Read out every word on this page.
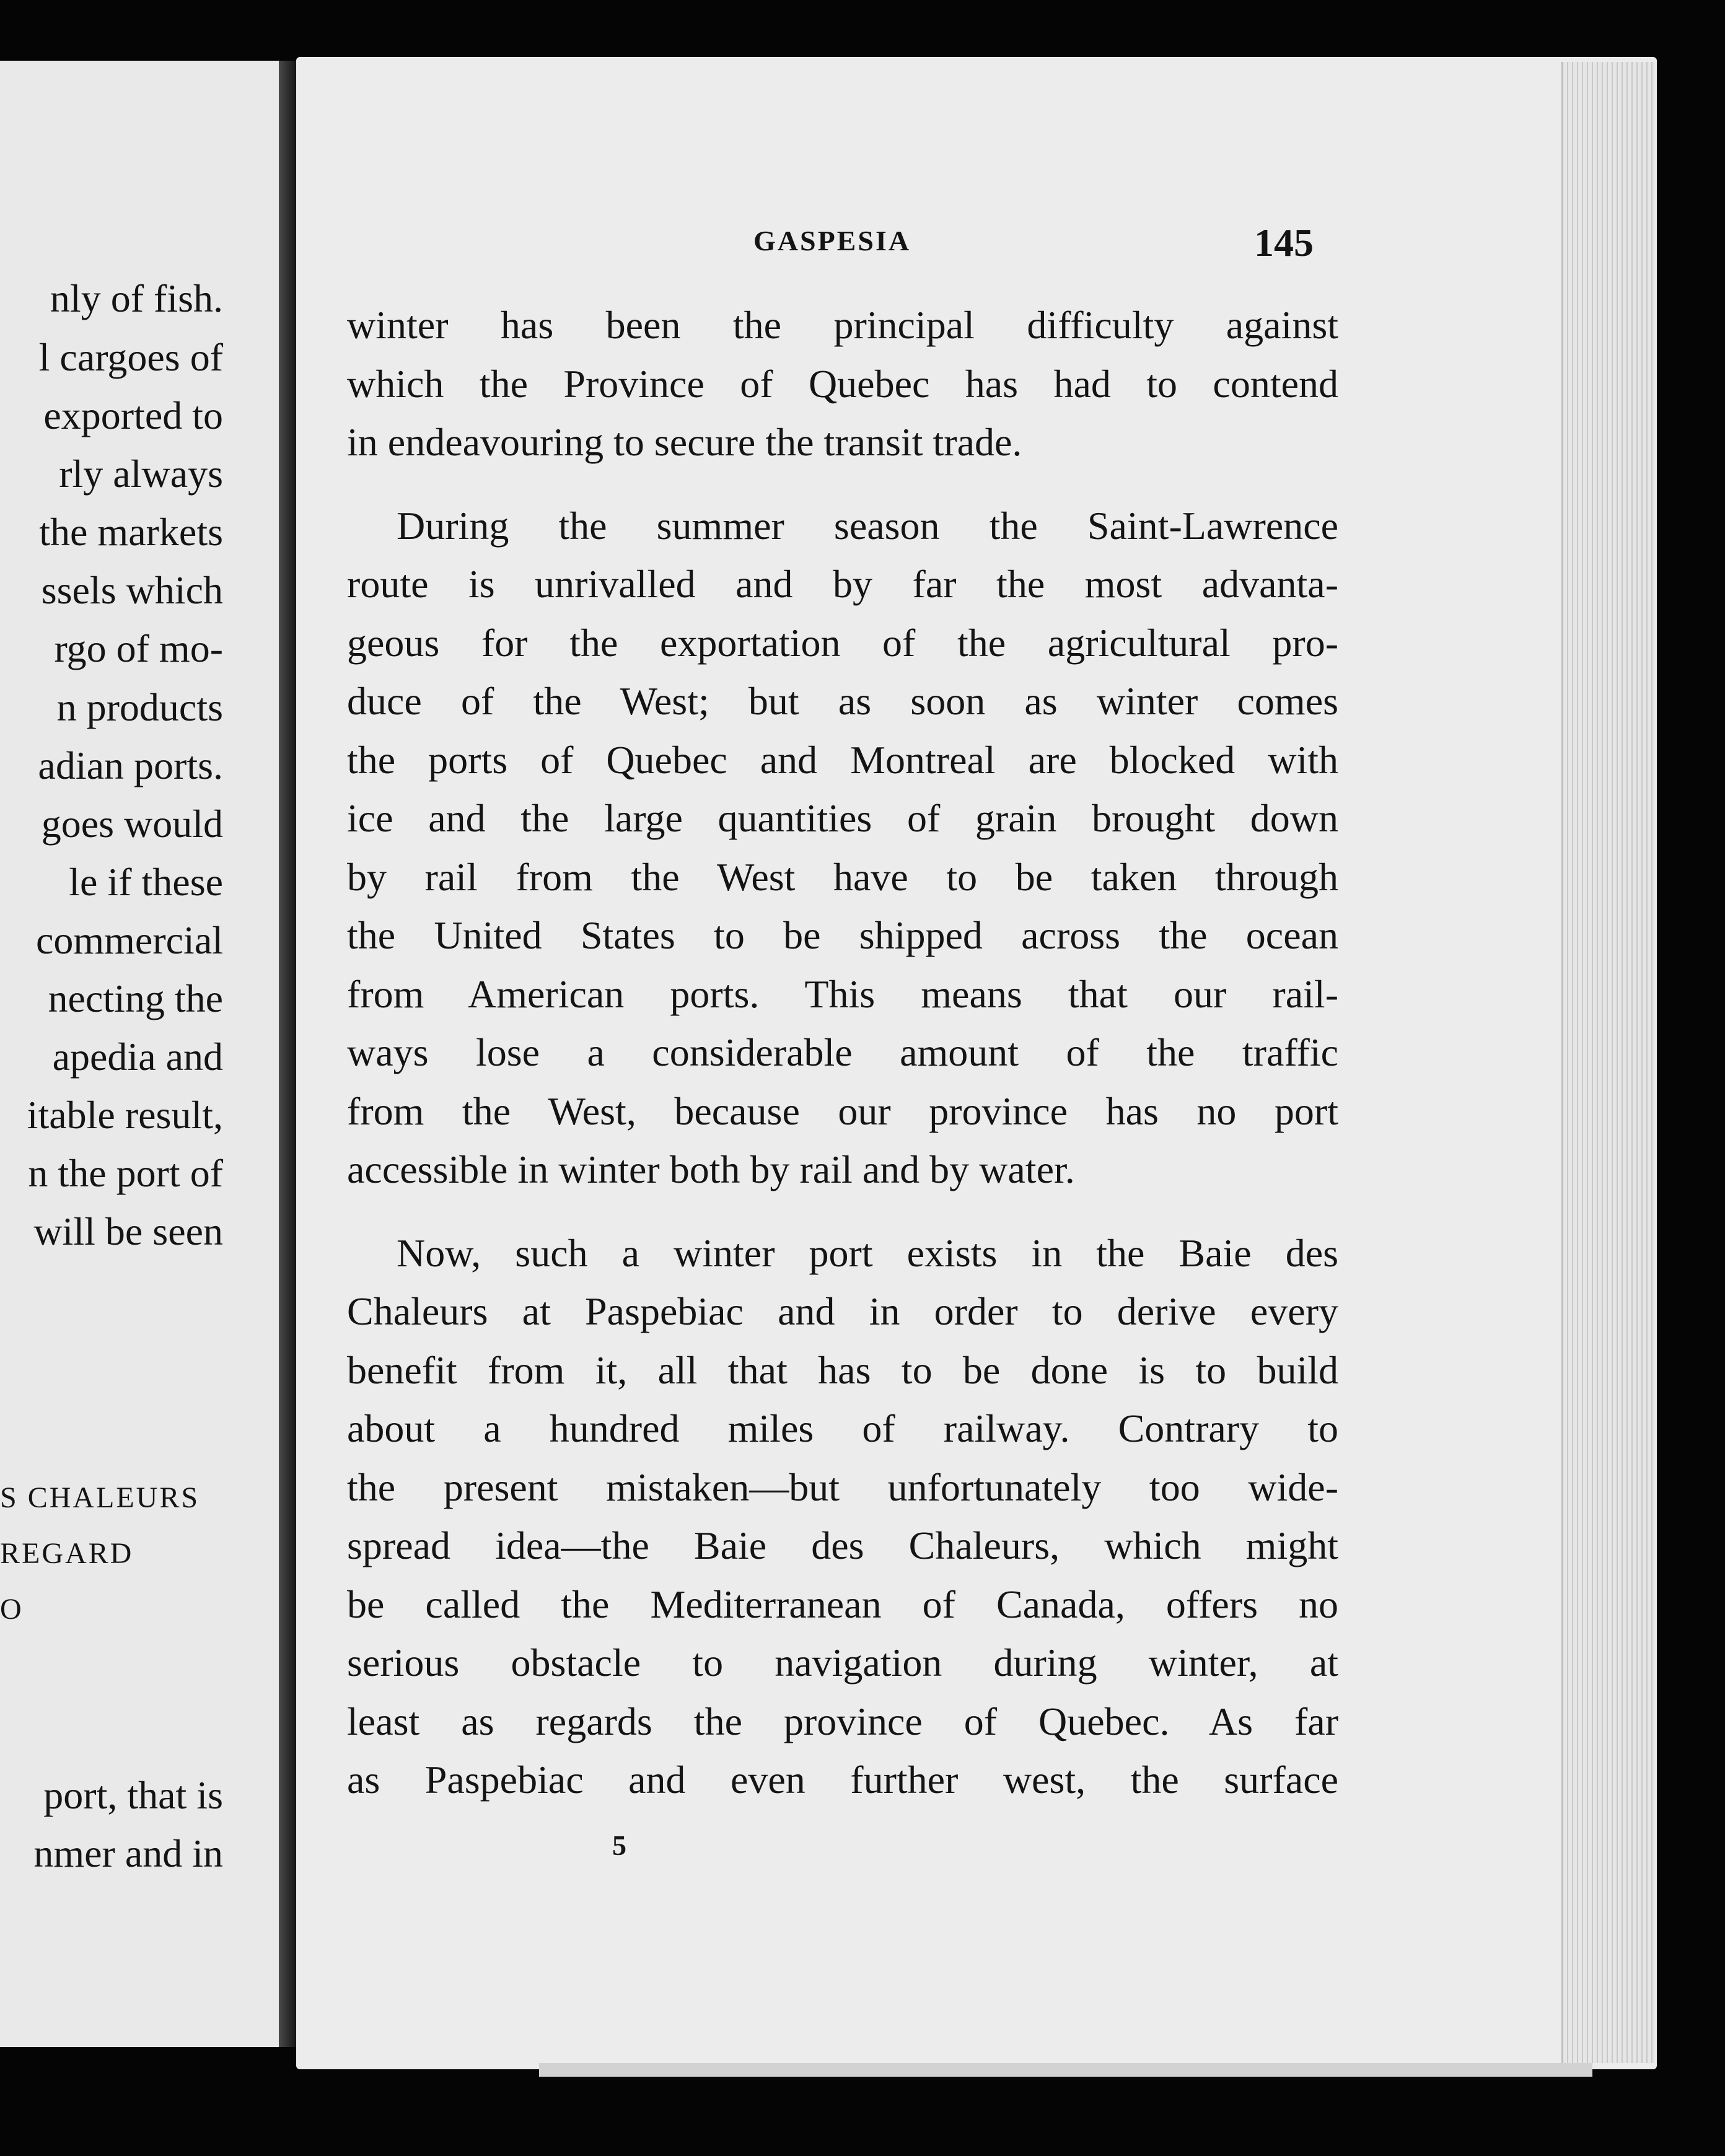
nly of fish.

l cargoes of

exported to

rly always

the markets

ssels which

rgo of mo-

n products

adian ports.

goes would

le if these

commercial

necting the

apedia and

itable result,

n the port of

will be seen

S CHALEURS

REGARD

O

port, that is

nmer and in

GASPESIA	145

winter has been the principal difficulty against
which the Province of Quebec has had to contend
in endeavouring to secure the transit trade.
During the summer season the Saint-Lawrence
route is unrivalled and by far the most advanta-
geous for the exportation of the agricultural pro-
duce of the West; but as soon as winter comes
the ports of Quebec and Montreal are blocked with
ice and the large quantities of grain brought down
by rail from the West have to be taken through
the United States to be shipped across the ocean
from American ports. This means that our rail-
ways lose a considerable amount of the traffic
from the West, because our province has no port
accessible in winter both by rail and by water.
Now, such a winter port exists in the Baie des
Chaleurs at Paspebiac and in order to derive every
benefit from it, all that has to be done is to build
about a hundred miles of railway. Contrary to
the present mistaken—but unfortunately too wide-
spread idea—the Baie des Chaleurs, which might
be called the Mediterranean of Canada, offers no
serious obstacle to navigation during winter, at
least as regards the province of Quebec. As far
as Paspebiac and even further west, the surface

5
